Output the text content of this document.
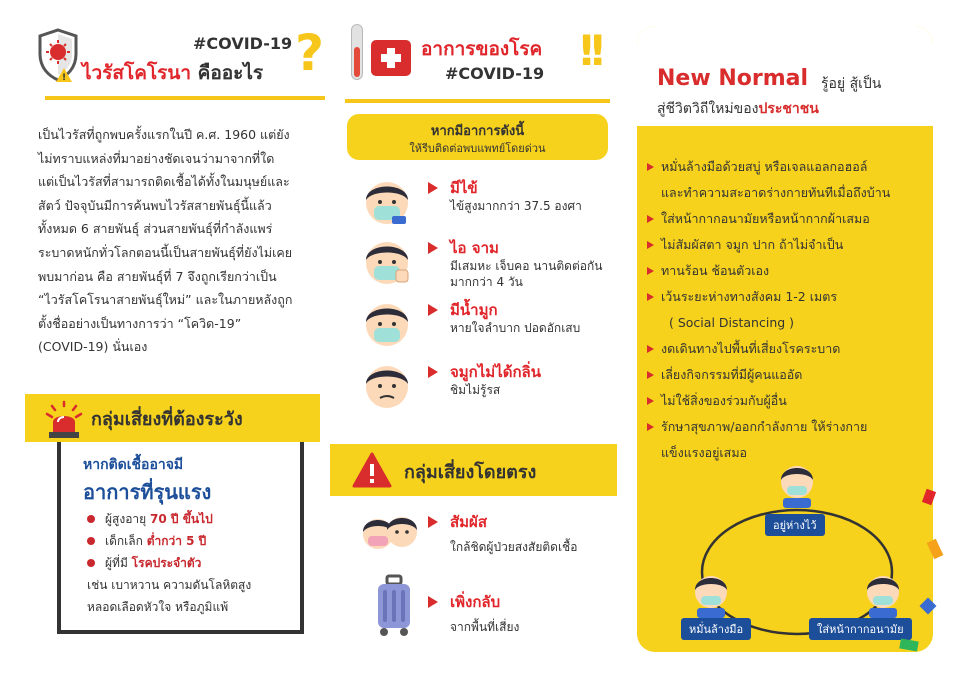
!
#COVID-19 ?
ไวรัสโคโรนา คืออะไร
เป็นไวรัสที่ถูกพบครั้งแรกในปี ค.ศ. 1960 แต่ยัง
ไม่ทราบแหล่งที่มาอย่างชัดเจนว่ามาจากที่ใด
แต่เป็นไวรัสที่สามารถติดเชื้อได้ทั้งในมนุษย์และ
สัตว์ ปัจจุบันมีการค้นพบไวรัสสายพันธุ์นี้แล้ว
ทั้งหมด 6 สายพันธุ์ ส่วนสายพันธุ์ที่กำลังแพร่
ระบาดหนักทั่วโลกตอนนี้เป็นสายพันธุ์ที่ยังไม่เคย
พบมาก่อน คือ สายพันธุ์ที่ 7 จึงถูกเรียกว่าเป็น
“ไวรัสโคโรนาสายพันธุ์ใหม่” และในภายหลังถูก
ตั้งชื่ออย่างเป็นทางการว่า “โควิด-19”
(COVID-19) นั่นเอง
หากติดเชื้ออาจมี
อาการที่รุนแรง
ผู้สูงอายุ 70 ปี ขึ้นไป
เด็กเล็ก ต่ำกว่า 5 ปี
ผู้ที่มี โรคประจำตัว
เช่น เบาหวาน ความดันโลหิตสูง
หลอดเลือดหัวใจ หรือภูมิแพ้
กลุ่มเสี่ยงที่ต้องระวัง
อาการของโรค
#COVID-19 !!
หากมีอาการดังนี้
ให้รีบติดต่อพบแพทย์โดยด่วน
มีไข้
ไข้สูงมากกว่า 37.5 องศา
ไอ จาม
มีเสมหะ เจ็บคอ นานติดต่อกันมากกว่า 4 วัน
มีน้ำมูก
หายใจลำบาก ปอดอักเสบ
จมูกไม่ได้กลิ่น
ชิมไม่รู้รส
กลุ่มเสี่ยงโดยตรง
สัมผัส
ใกล้ชิดผู้ป่วยสงสัยติดเชื้อ
เพิ่งกลับ
จากพื้นที่เสี่ยง
New Normal รู้อยู่ สู้เป็น
สู่ชีวิตวิถีใหม่ของประชาชน
หมั่นล้างมือด้วยสบู่ หรือเจลแอลกอฮอล์
และทำความสะอาดร่างกายทันทีเมื่อถึงบ้าน
ใส่หน้ากากอนามัยหรือหน้ากากผ้าเสมอ
ไม่สัมผัสตา จมูก ปาก ถ้าไม่จำเป็น
ทานร้อน ช้อนตัวเอง
เว้นระยะห่างทางสังคม 1-2 เมตร
( Social Distancing )
งดเดินทางไปพื้นที่เสี่ยงโรคระบาด
เลี่ยงกิจกรรมที่มีผู้คนแออัด
ไม่ใช้สิ่งของร่วมกับผู้อื่น
รักษาสุขภาพ/ออกกำลังกาย ให้ร่างกาย
แข็งแรงอยู่เสมอ
อยู่ห่างไว้
หมั่นล้างมือ	ใส่หน้ากากอนามัย
